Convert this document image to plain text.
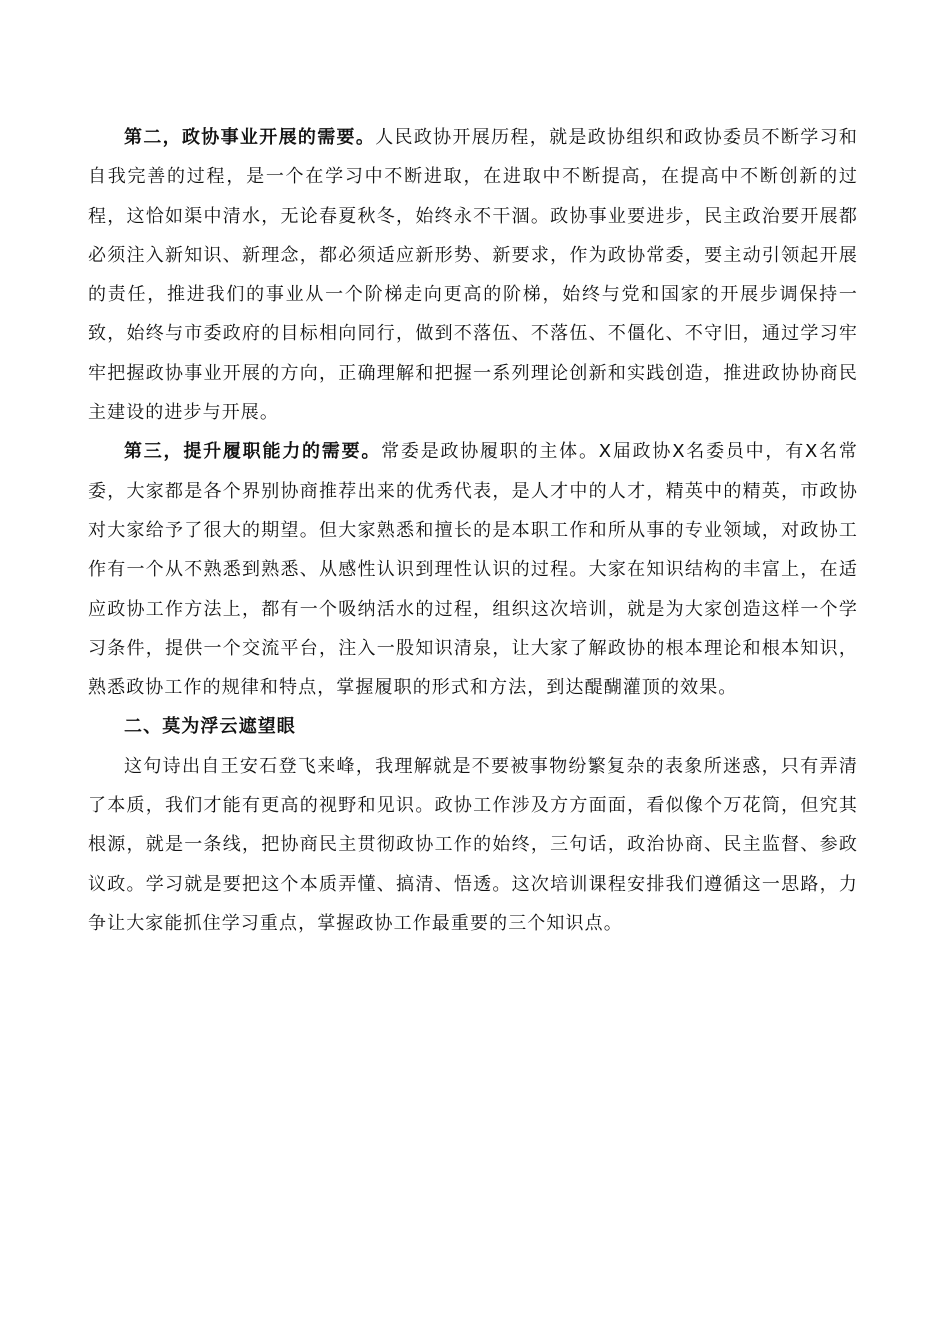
第二，政协事业开展的需要。人民政协开展历程，就是政协组织和政协委员不断学习和自我完善的过程，是一个在学习中不断进取，在进取中不断提高，在提高中不断创新的过程，这恰如渠中清水，无论春夏秋冬，始终永不干涸。政协事业要进步，民主政治要开展都必须注入新知识、新理念，都必须适应新形势、新要求，作为政协常委，要主动引领起开展的责任，推进我们的事业从一个阶梯走向更高的阶梯，始终与党和国家的开展步调保持一致，始终与市委政府的目标相向同行，做到不落伍、不落伍、不僵化、不守旧，通过学习牢牢把握政协事业开展的方向，正确理解和把握一系列理论创新和实践创造，推进政协协商民主建设的进步与开展。

第三，提升履职能力的需要。常委是政协履职的主体。X届政协X名委员中，有X名常委，大家都是各个界别协商推荐出来的优秀代表，是人才中的人才，精英中的精英，市政协对大家给予了很大的期望。但大家熟悉和擅长的是本职工作和所从事的专业领域，对政协工作有一个从不熟悉到熟悉、从感性认识到理性认识的过程。大家在知识结构的丰富上，在适应政协工作方法上，都有一个吸纳活水的过程，组织这次培训，就是为大家创造这样一个学习条件，提供一个交流平台，注入一股知识清泉，让大家了解政协的根本理论和根本知识，熟悉政协工作的规律和特点，掌握履职的形式和方法，到达醍醐灌顶的效果。

二、莫为浮云遮望眼

这句诗出自王安石登飞来峰，我理解就是不要被事物纷繁复杂的表象所迷惑，只有弄清了本质，我们才能有更高的视野和见识。政协工作涉及方方面面，看似像个万花筒，但究其根源，就是一条线，把协商民主贯彻政协工作的始终，三句话，政治协商、民主监督、参政议政。学习就是要把这个本质弄懂、搞清、悟透。这次培训课程安排我们遵循这一思路，力争让大家能抓住学习重点，掌握政协工作最重要的三个知识点。
